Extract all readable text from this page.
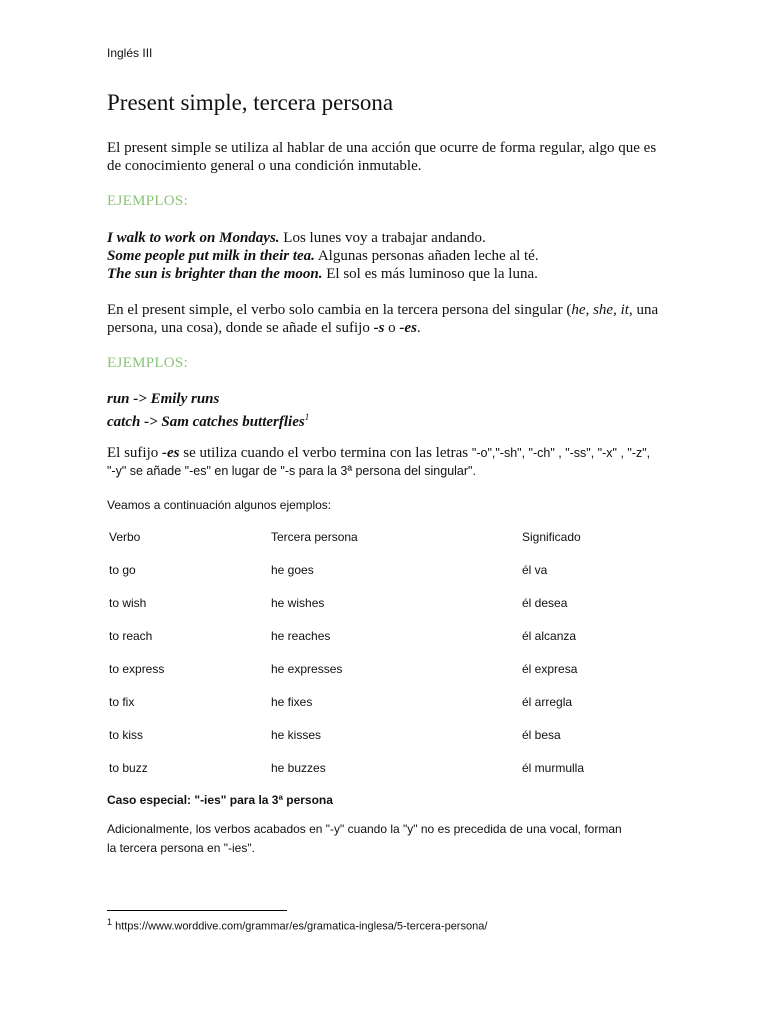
Inglés III
Present simple, tercera persona

El present simple se utiliza al hablar de una acción que ocurre de forma regular, algo que es
de conocimiento general o una condición inmutable.

EJEMPLOS:

I walk to work on Mondays. Los lunes voy a trabajar andando.
Some people put milk in their tea. Algunas personas añaden leche al té.
The sun is brighter than the moon. El sol es más luminoso que la luna.

En el present simple, el verbo solo cambia en la tercera persona del singular (he, she, it, una
persona, una cosa), donde se añade el sufijo -s o -es.

EJEMPLOS:

run -> Emily runs
catch -> Sam catches butterflies$^1$

El sufijo -es se utiliza cuando el verbo termina con las letras "-o","-sh", "-ch" , "-ss", "-x" , "-z",
"-y" se añade "-es" en lugar de "-s para la 3ª persona del singular".

Veamos a continuación algunos ejemplos:
Verbo	Tercera persona	Significado
to go	he goes	él va
to wish	he wishes	él desea
to reach	he reaches	él alcanza
to express	he expresses	él expresa
to fix	he fixes	él arregla
to kiss	he kisses	él besa
to buzz	he buzzes	él murmulla
Caso especial: "-ies" para la 3ª persona
Adicionalmente, los verbos acabados en "-y" cuando la "y" no es precedida de una vocal, forman
la tercera persona en "-ies".
$^1$ https://www.worddive.com/grammar/es/gramatica-inglesa/5-tercera-persona/
